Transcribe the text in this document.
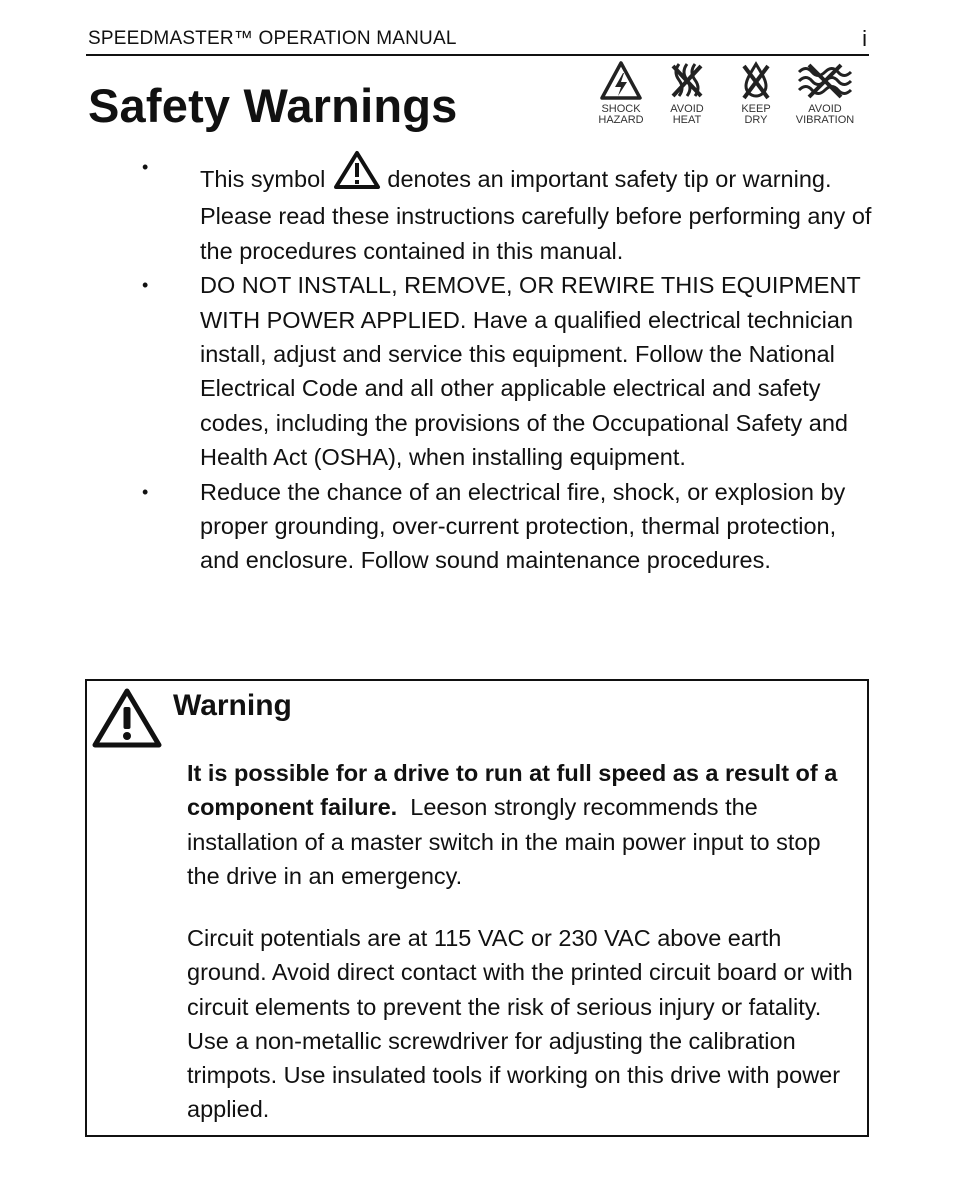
SPEEDMASTER™ OPERATION MANUAL	i
Safety Warnings	SHOCK
HAZARD
AVOID
HEAT
KEEP
DRY
AVOID
VIBRATION
• This symbol	denotes an important safety tip or warning. Please read these instructions carefully before performing any of the procedures contained in this manual.
• DO NOT INSTALL, REMOVE, OR REWIRE THIS EQUIPMENT WITH POWER APPLIED. Have a qualified electrical technician install, adjust and service this equipment. Follow the National Electrical Code and all other applicable electrical and safety codes, including the provisions of the Occupational Safety and Health Act (OSHA), when installing equipment.
• Reduce the chance of an electrical fire, shock, or explosion by proper grounding, over-current protection, thermal protection, and enclosure. Follow sound maintenance procedures.
Warning

It is possible for a drive to run at full speed as a result of a component failure. Leeson strongly recommends the installation of a master switch in the main power input to stop the drive in an emergency.

Circuit potentials are at 115 VAC or 230 VAC above earth ground. Avoid direct contact with the printed circuit board or with circuit elements to prevent the risk of serious injury or fatality. Use a non-metallic screwdriver for adjusting the calibration trimpots. Use insulated tools if working on this drive with power applied.
